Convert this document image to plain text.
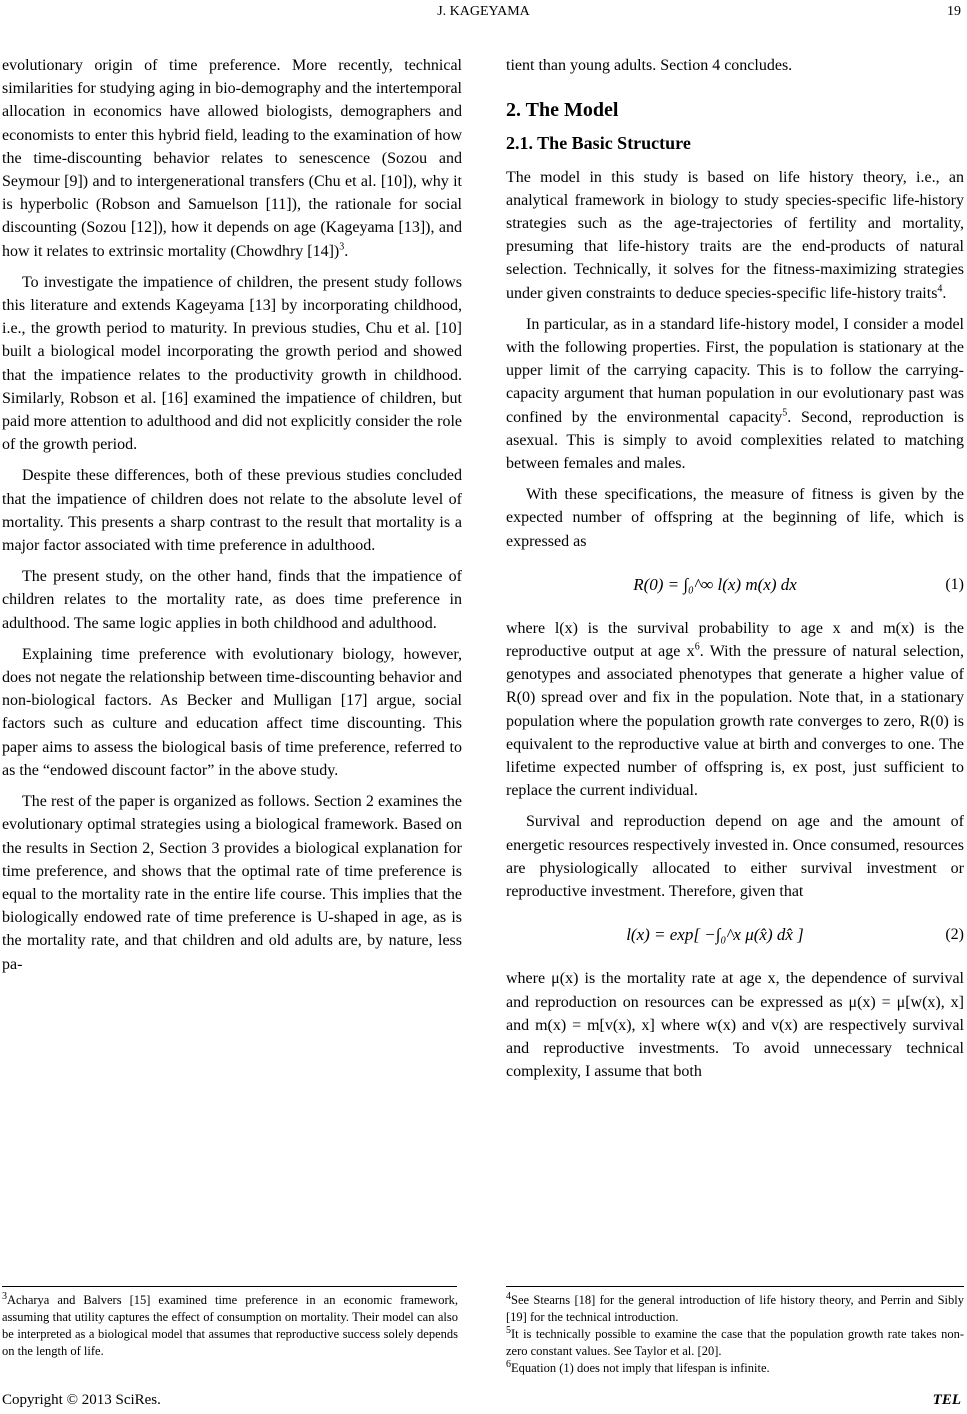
J. KAGEYAMA	19

evolutionary origin of time preference. More recently, technical similarities for studying aging in bio-demography and the intertemporal allocation in economics have allowed biologists, demographers and economists to enter this hybrid field, leading to the examination of how the time-discounting behavior relates to senescence (Sozou and Seymour [9]) and to intergenerational transfers (Chu et al. [10]), why it is hyperbolic (Robson and Samuelson [11]), the rationale for social discounting (Sozou [12]), how it depends on age (Kageyama [13]), and how it relates to extrinsic mortality (Chowdhry [14])$^3$.

To investigate the impatience of children, the present study follows this literature and extends Kageyama [13] by incorporating childhood, i.e., the growth period to maturity. In previous studies, Chu et al. [10] built a biological model incorporating the growth period and showed that the impatience relates to the productivity growth in childhood. Similarly, Robson et al. [16] examined the impatience of children, but paid more attention to adulthood and did not explicitly consider the role of the growth period.

Despite these differences, both of these previous studies concluded that the impatience of children does not relate to the absolute level of mortality. This presents a sharp contrast to the result that mortality is a major factor associated with time preference in adulthood.

The present study, on the other hand, finds that the impatience of children relates to the mortality rate, as does time preference in adulthood. The same logic applies in both childhood and adulthood.

Explaining time preference with evolutionary biology, however, does not negate the relationship between time-discounting behavior and non-biological factors. As Becker and Mulligan [17] argue, social factors such as culture and education affect time discounting. This paper aims to assess the biological basis of time preference, referred to as the “endowed discount factor” in the above study.

The rest of the paper is organized as follows. Section 2 examines the evolutionary optimal strategies using a biological framework. Based on the results in Section 2, Section 3 provides a biological explanation for time preference, and shows that the optimal rate of time preference is equal to the mortality rate in the entire life course. This implies that the biologically endowed rate of time preference is U-shaped in age, as is the mortality rate, and that children and old adults are, by nature, less pa-

tient than young adults. Section 4 concludes.

2. The Model
2.1. The Basic Structure

The model in this study is based on life history theory, i.e., an analytical framework in biology to study species-specific life-history strategies such as the age-trajectories of fertility and mortality, presuming that life-history traits are the end-products of natural selection. Technically, it solves for the fitness-maximizing strategies under given constraints to deduce species-specific life-history traits$^4$.

In particular, as in a standard life-history model, I consider a model with the following properties. First, the population is stationary at the upper limit of the carrying capacity. This is to follow the carrying-capacity argument that human population in our evolutionary past was confined by the environmental capacity$^5$. Second, reproduction is asexual. This is simply to avoid complexities related to matching between females and males.

With these specifications, the measure of fitness is given by the expected number of offspring at the beginning of life, which is expressed as

R(0) = ∫₀^∞ l(x) m(x) dx	(1)

where l(x) is the survival probability to age x and m(x) is the reproductive output at age $x^6$. With the pressure of natural selection, genotypes and associated phenotypes that generate a higher value of R(0) spread over and fix in the population. Note that, in a stationary population where the population growth rate converges to zero, R(0) is equivalent to the reproductive value at birth and converges to one. The lifetime expected number of offspring is, ex post, just sufficient to replace the current individual.

Survival and reproduction depend on age and the amount of energetic resources respectively invested in. Once consumed, resources are physiologically allocated to either survival investment or reproductive investment. Therefore, given that

l(x) = exp[ −∫₀^x μ(x̂) dx̂ ]	(2)

where μ(x) is the mortality rate at age x, the dependence of survival and reproduction on resources can be expressed as μ(x) = μ[w(x), x] and m(x) = m[v(x), x] where w(x) and v(x) are respectively survival and reproductive investments. To avoid unnecessary technical complexity, I assume that both

$^3$Acharya and Balvers [15] examined time preference in an economic framework, assuming that utility captures the effect of consumption on mortality. Their model can also be interpreted as a biological model that assumes that reproductive success solely depends on the length of life.

$^4$See Stearns [18] for the general introduction of life history theory, and Perrin and Sibly [19] for the technical introduction.

$^5$It is technically possible to examine the case that the population growth rate takes non-zero constant values. See Taylor et al. [20].

$^6$Equation (1) does not imply that lifespan is infinite.

Copyright © 2013 SciRes.	TEL
